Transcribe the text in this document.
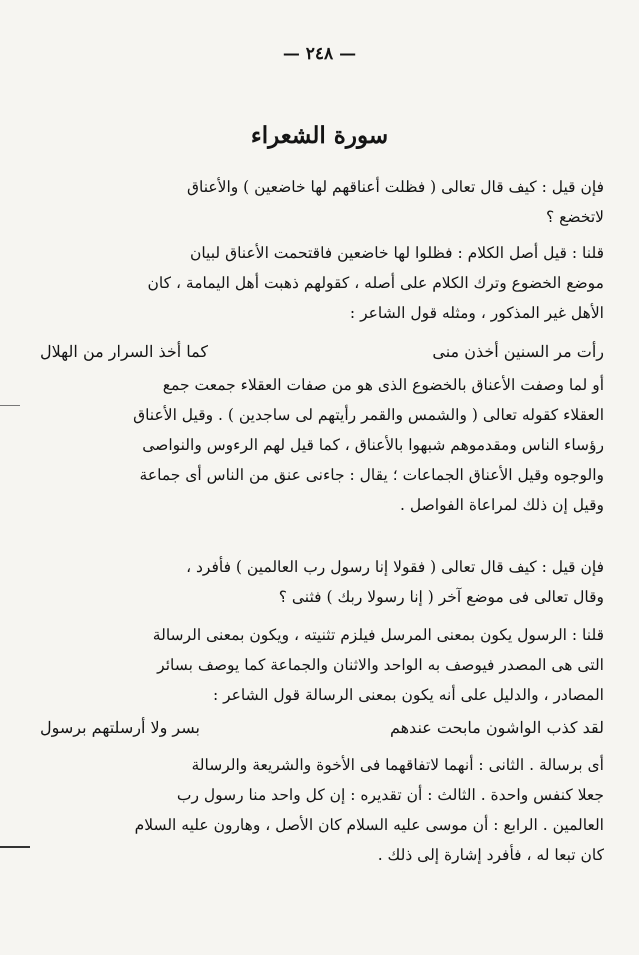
— ٢٤٨ —
سورة الشعراء
فإن قيل : كيف قال تعالى ( فظلت أعناقهم لها خاضعين ) والأعناق
لاتخضع ؟
قلنا : قيل أصل الكلام : فظلوا لها خاضعين فاقتحمت الأعناق لبيان
موضع الخضوع وترك الكلام على أصله ، كقولهم ذهبت أهل اليمامة ، كان
الأهل غير المذكور ، ومثله قول الشاعر :
رأت مر السنين أخذن منى
كما أخذ السرار من الهلال
أو لما وصفت الأعناق بالخضوع الذى هو من صفات العقلاء جمعت جمع
العقلاء كقوله تعالى ( والشمس والقمر رأيتهم لى ساجدين ) . وقيل الأعناق
رؤساء الناس ومقدموهم شبهوا بالأعناق ، كما قيل لهم الرءوس والنواصى
والوجوه وقيل الأعناق الجماعات ؛ يقال : جاءنى عنق من الناس أى جماعة
وقيل إن ذلك لمراعاة الفواصل .
فإن قيل : كيف قال تعالى ( فقولا إنا رسول رب العالمين ) فأفرد ،
وقال تعالى فى موضع آخر ( إنا رسولا ربك ) فثنى ؟
قلنا : الرسول يكون بمعنى المرسل فيلزم تثنيته ، ويكون بمعنى الرسالة
التى هى المصدر فيوصف به الواحد والاثنان والجماعة كما يوصف بسائر
المصادر ، والدليل على أنه يكون بمعنى الرسالة قول الشاعر :
لقد كذب الواشون مابحت عندهم
بسر ولا أرسلتهم برسول
أى برسالة . الثانى : أنهما لاتفاقهما فى الأخوة والشريعة والرسالة
جعلا كنفس واحدة . الثالث : أن تقديره : إن كل واحد منا رسول رب
العالمين . الرابع : أن موسى عليه السلام كان الأصل ، وهارون عليه السلام
كان تبعا له ، فأفرد إشارة إلى ذلك .
